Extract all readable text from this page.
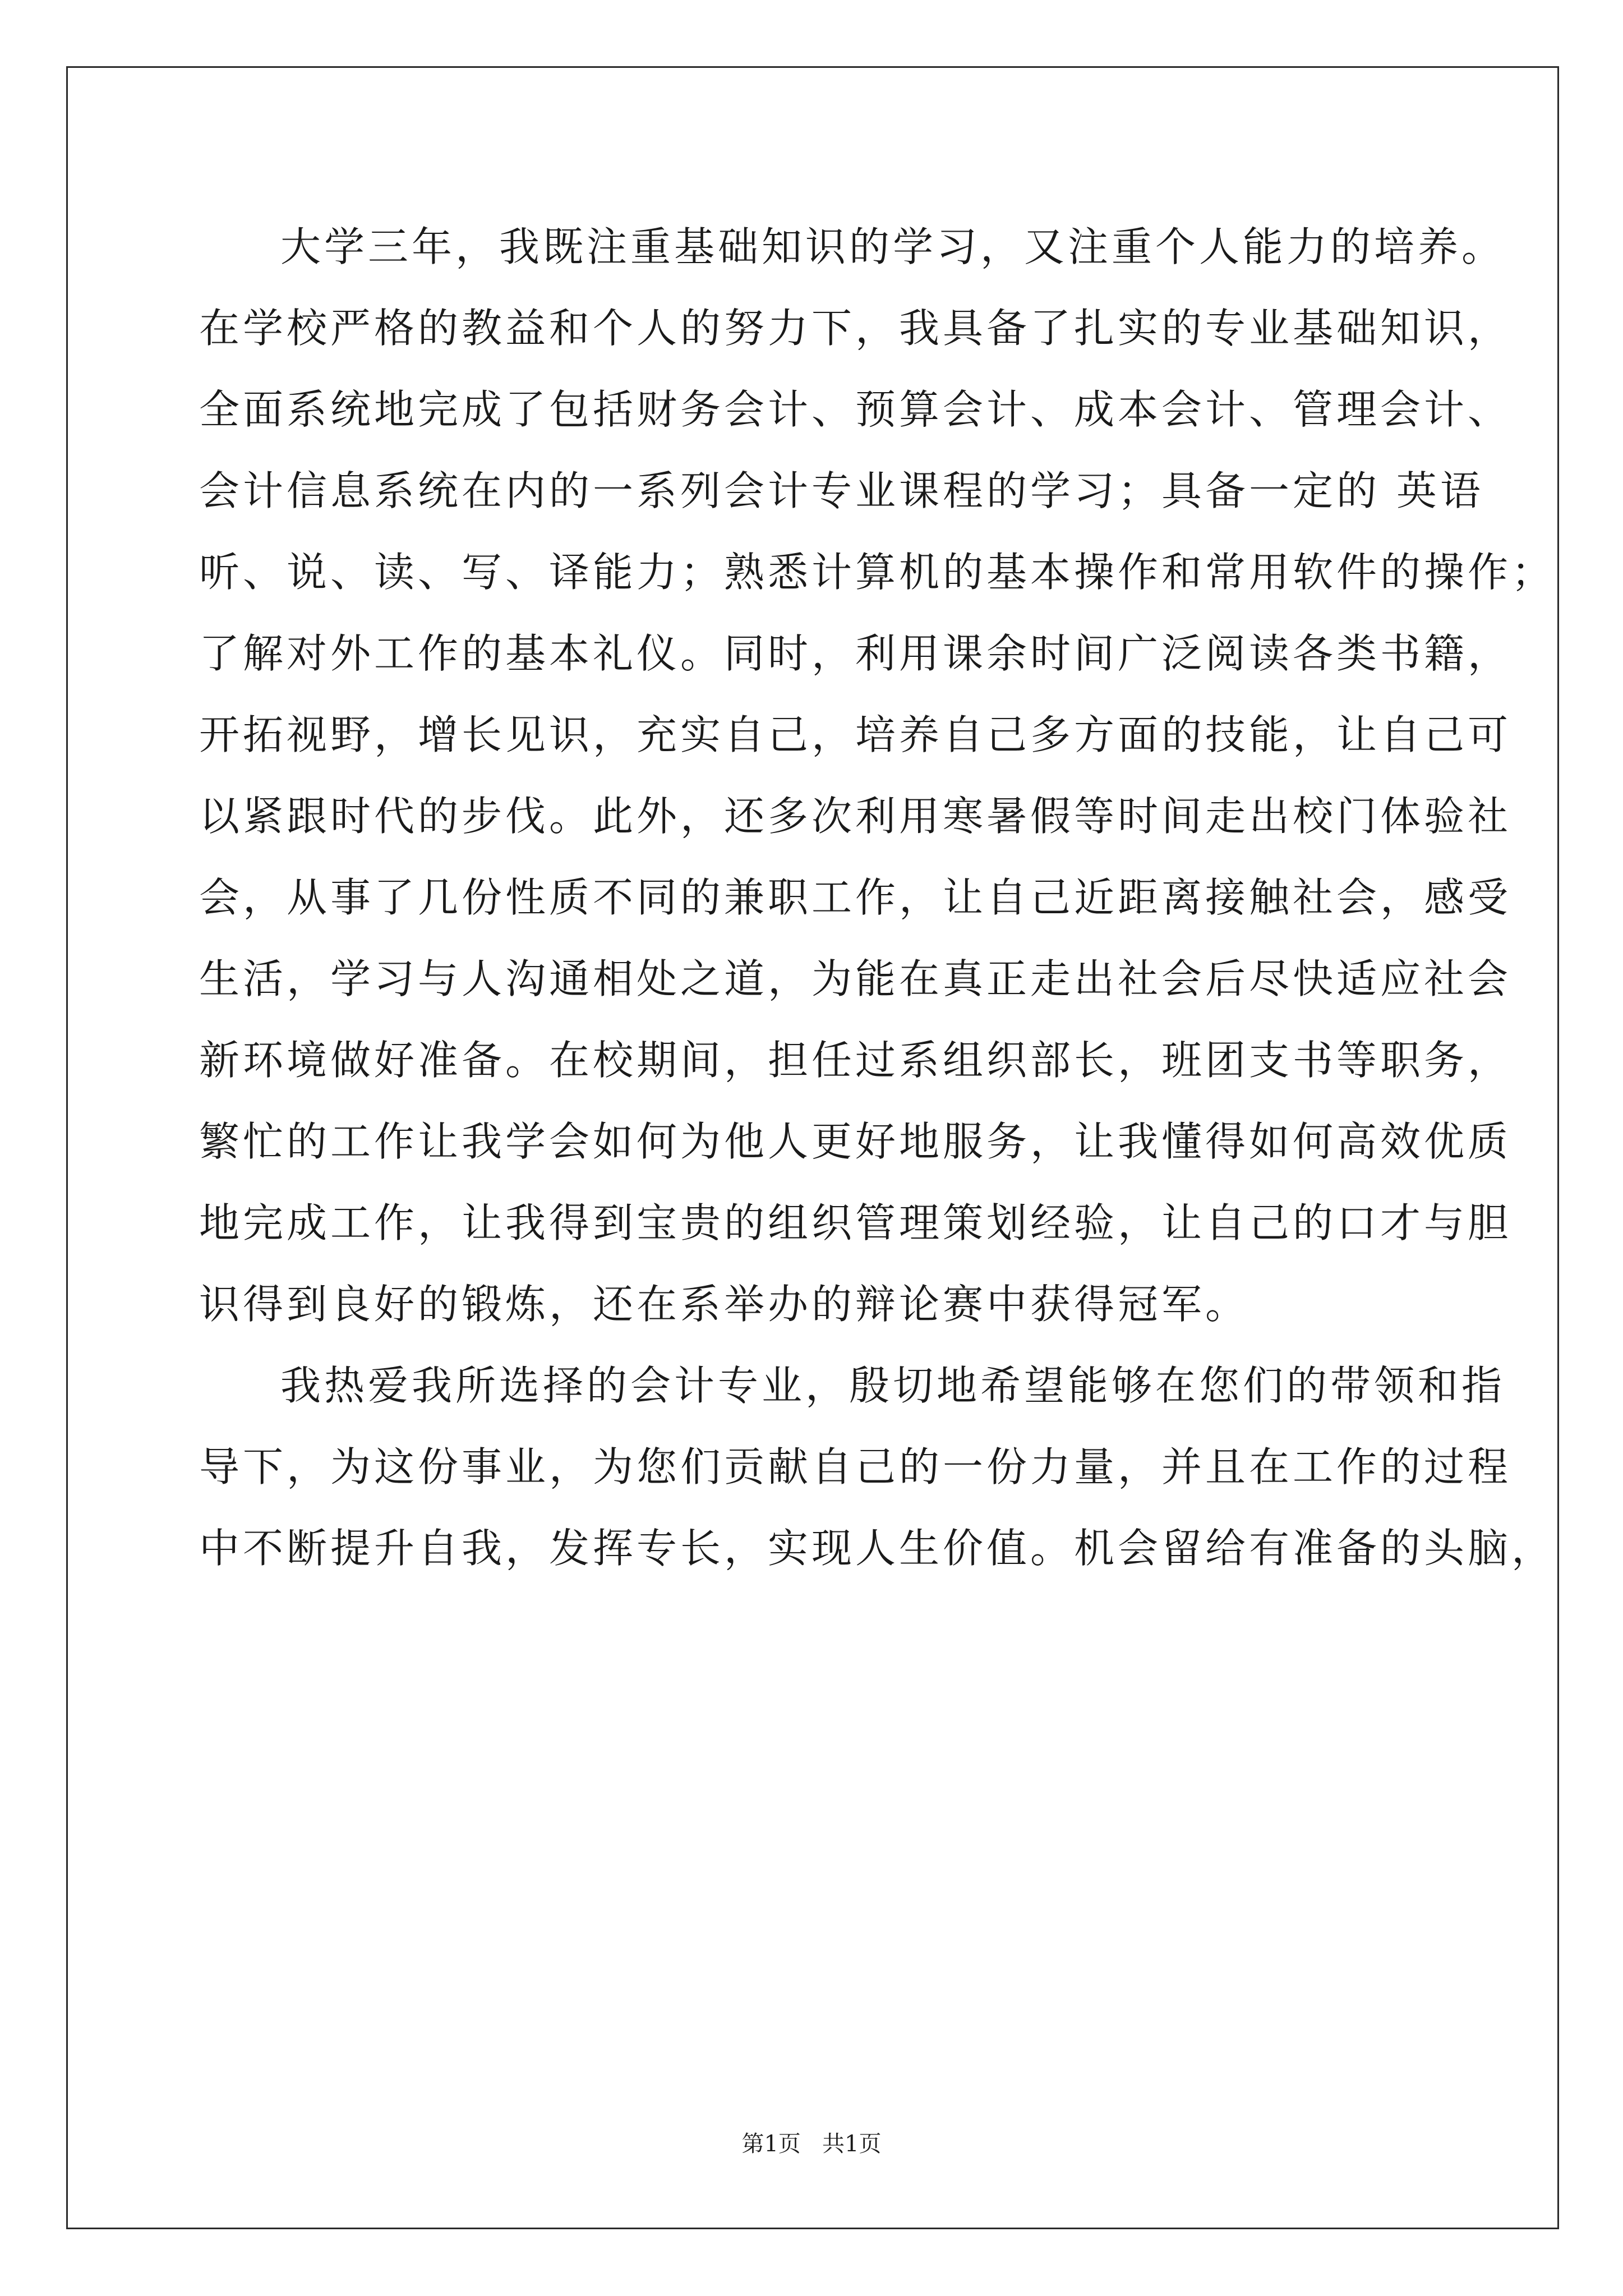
大学三年，我既注重基础知识的学习，又注重个人能力的培养。
在学校严格的教益和个人的努力下，我具备了扎实的专业基础知识，
全面系统地完成了包括财务会计、预算会计、成本会计、管理会计、
会计信息系统在内的一系列会计专业课程的学习；具备一定的 英语
听、说、读、写、译能力；熟悉计算机的基本操作和常用软件的操作；
了解对外工作的基本礼仪。同时，利用课余时间广泛阅读各类书籍，
开拓视野，增长见识，充实自己，培养自己多方面的技能，让自己可
以紧跟时代的步伐。此外，还多次利用寒暑假等时间走出校门体验社
会，从事了几份性质不同的兼职工作，让自己近距离接触社会，感受
生活，学习与人沟通相处之道，为能在真正走出社会后尽快适应社会
新环境做好准备。在校期间，担任过系组织部长，班团支书等职务，
繁忙的工作让我学会如何为他人更好地服务，让我懂得如何高效优质
地完成工作，让我得到宝贵的组织管理策划经验，让自己的口才与胆
识得到良好的锻炼，还在系举办的辩论赛中获得冠军。
我热爱我所选择的会计专业，殷切地希望能够在您们的带领和指
导下，为这份事业，为您们贡献自己的一份力量，并且在工作的过程
中不断提升自我，发挥专长，实现人生价值。机会留给有准备的头脑，
第1页   共1页
